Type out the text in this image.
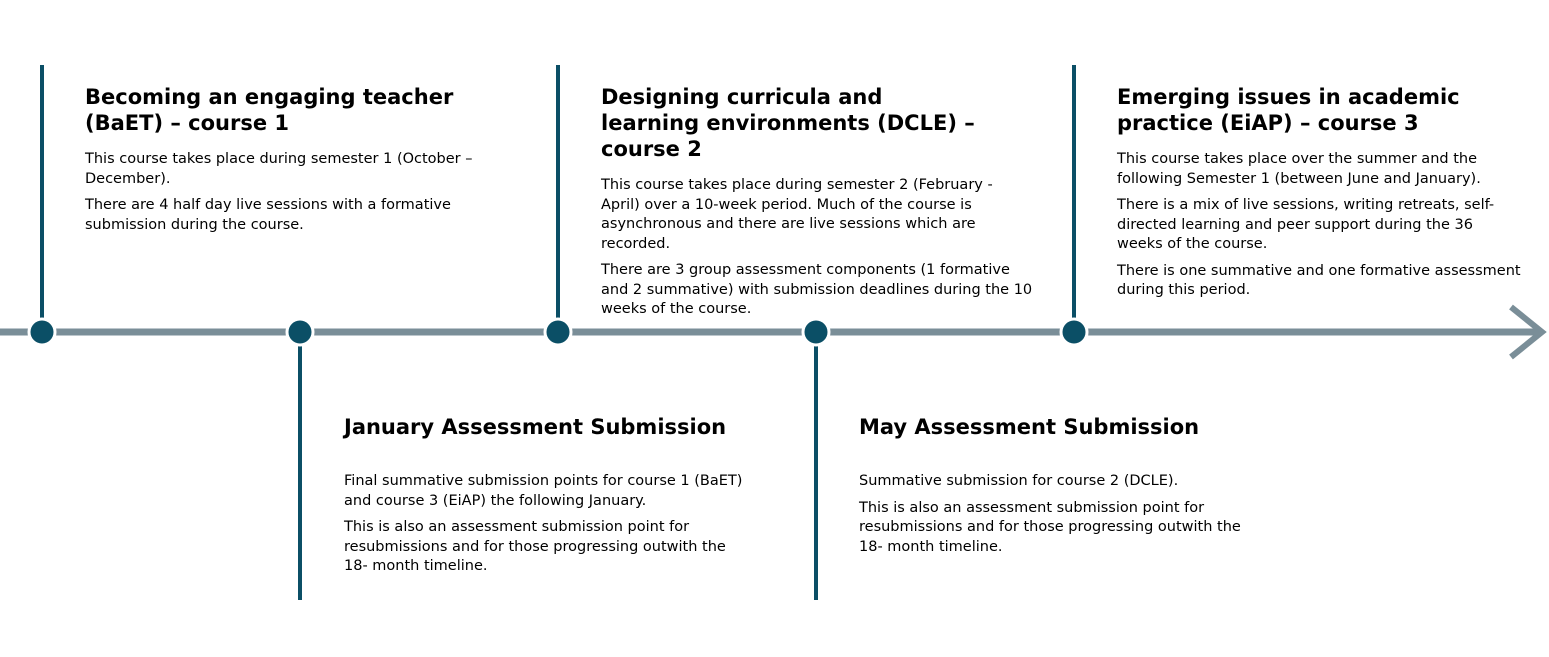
Becoming an engaging teacher (BaET) – course 1

This course takes place during semester 1 (October – December).

There are 4 half day live sessions with a formative submission during the course.

Designing curricula and learning environments (DCLE) – course 2

This course takes place during semester 2 (February - April) over a 10-week period. Much of the course is asynchronous and there are live sessions which are recorded.

There are 3 group assessment components (1 formative and 2 summative) with submission deadlines during the 10 weeks of the course.

Emerging issues in academic practice (EiAP) – course 3

This course takes place over the summer and the following Semester 1 (between June and January).

There is a mix of live sessions, writing retreats, self-directed learning and peer support during the 36 weeks of the course.

There is one summative and one formative assessment during this period.

January Assessment Submission

Final summative submission points for course 1 (BaET) and course 3 (EiAP) the following January.

This is also an assessment submission point for resubmissions and for those progressing outwith the 18- month timeline.

May Assessment Submission

Summative submission for course 2 (DCLE).

This is also an assessment submission point for resubmissions and for those progressing outwith the 18- month timeline.
